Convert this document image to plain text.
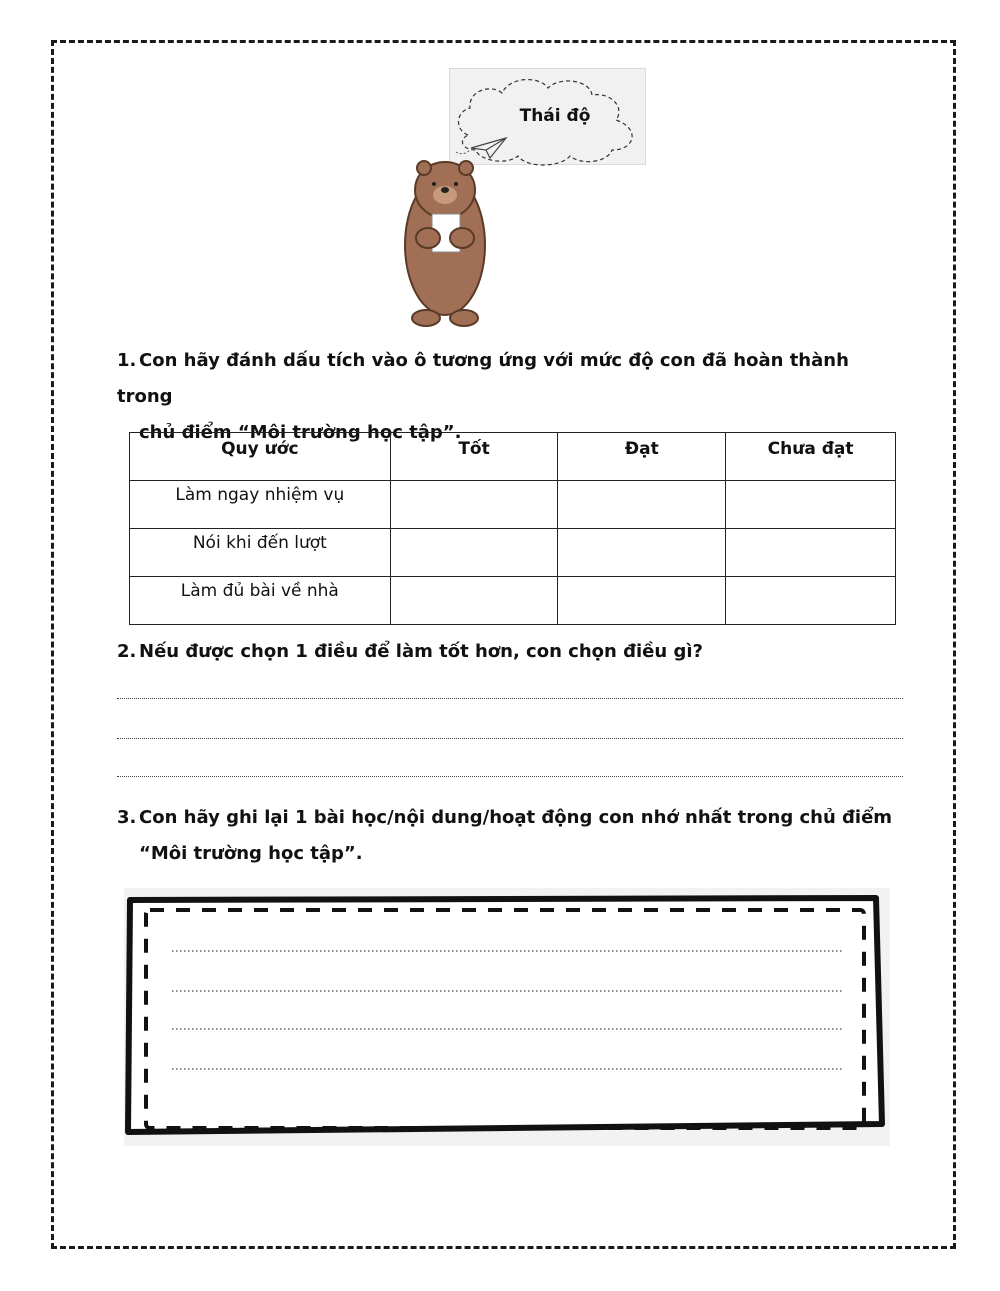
Thái độ
1. Con hãy đánh dấu tích vào ô tương ứng với mức độ con đã hoàn thành trong
chủ điểm “Môi trường học tập”.
Quy ước	Tốt	Đạt	Chưa đạt
Làm ngay nhiệm vụ			
Nói khi đến lượt			
Làm đủ bài về nhà			
2. Nếu được chọn 1 điều để làm tốt hơn, con chọn điều gì?
3. Con hãy ghi lại 1 bài học/nội dung/hoạt động con nhớ nhất trong chủ điểm
“Môi trường học tập”.
